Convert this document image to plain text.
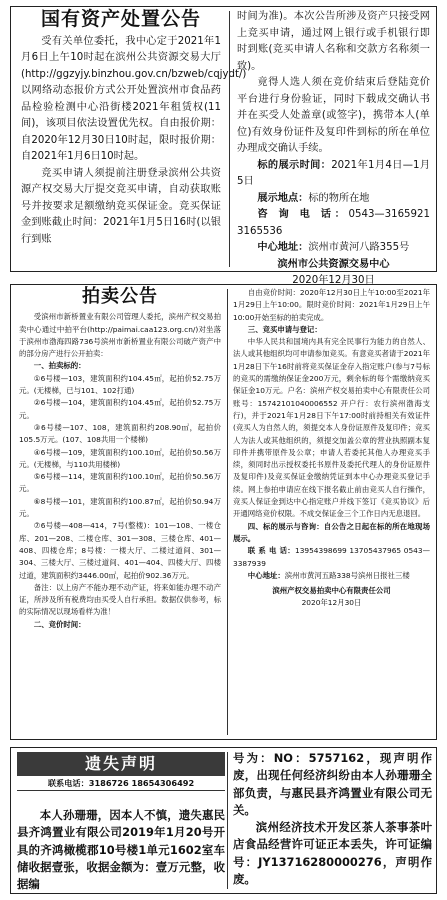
国有资产处置公告

受有关单位委托，我中心定于2021年1月6日上午10时起在滨州公共资源交易大厅(http://ggzyjy.binzhou.gov.cn/bzweb/cqjydt/)以网络动态报价方式公开处置滨州市食品药品检验检测中心沿街楼2021年租赁权(11间)，该项目依法设置优先权。自由报价期：自2020年12月30日10时起，限时报价期：自2021年1月6日10时起。

竞买申请人须提前注册登录滨州公共资源产权交易大厅提交竞买申请，自动获取账号并按要求足额缴纳竞买保证金。竞买保证金到账截止时间：2021年1月5日16时(以银行到账

时间为准)。本次公告所涉及资产只接受网上竞买申请，通过网上银行或手机银行即时到账(竞买申请人名称和交款方名称须一致)。

竟得人选人须在竞价结束后登陆竞价平台进行身份验证，同时下载成交确认书并在买受人处盖章(或签字)，携带本人(单位)有效身份证件及复印件到标的所在单位办理成交确认手续。

标的展示时间：2021年1月4日—1月5日

展示地点：标的物所在地

咨 询 电 话：0543—3165921 3165536

中心地址：滨州市黄河八路355号

滨州市公共资源交易中心

2020年12月30日

拍卖公告

受滨州市新桥置业有限公司管理人委托，滨州产权交易拍卖中心通过中拍平台(http://paimai.caa123.org.cn/)对坐落于滨州市渤海四路736号滨州市新桥置业有限公司破产资产中的部分房产进行公开拍卖：

一、拍卖标的：

①6号楼—103，建筑面积约104.45㎡，起拍价52.75万元。(无楼梯，已与101、102打通)

②6号楼—104，建筑面积约104.45㎡，起拍价52.75万元。

③6号楼—107、108，建筑面积约208.90㎡，起拍价105.5万元。(107、108共用一个楼梯)

④6号楼—109，建筑面积约100.10㎡，起拍价50.56万元。(无楼梯，与110共用楼梯)

⑤6号楼—114，建筑面积约100.10㎡，起拍价50.56万元。

⑥8号楼—101，建筑面积约100.87㎡，起拍价50.94万元。

⑦6号楼—408—414，7号(整楼)：101—108、一楼仓库、201—208、二楼仓库、301—308、三楼仓库、401—408、四楼仓库；8号楼：一楼大厅、二楼过道间、301—304、三楼大厅、三楼过道间、401—404、四楼大厅、四楼过道，建筑面积约3446.00㎡，起拍价902.36万元。

备注：以上房产不能办理不动产证，将来如能办理不动产证，所涉及所有税费均由买受人自行承担。数据仅供参考，标的实际情况以现场看样为准！

二、竞价时间：

自由竞价时间：2020年12月30日上午10:00至2021年1月29日上午10:00。限时竞价时间：2021年1月29日上午10:00开始至标的拍卖完成。

三、竞买申请与登记：

中华人民共和国境内具有完全民事行为能力的自然人、法人或其他组织均可申请参加竞买。有意竞买者请于2021年1月28日下午16时前将竞买保证金存入指定账户(参与7号标的竞买的需缴纳保证金200万元，剩余标的每个需缴纳竞买保证金10万元。户名：滨州产权交易拍卖中心有限责任公司账号：15742101040006552 开户行：农行滨州渤海支行)，并于2021年1月28日下午17:00时前持相关有效证件(竞买人为自然人的，须提交本人身份证原件及复印件；竞买人为法人或其他组织的，须提交加盖公章的营业执照副本复印件并携带原件及公章；申请人若委托其他人办理竞买手续，须同时出示授权委托书原件及委托代理人的身份证原件及复印件)及竞买保证金缴纳凭证到本中心办理竞买登记手续。网上参拍申请应在线下报名截止前由竞买人自行操作，竞买人保证金到达中心指定账户并线下签订《竞买协议》后开通网络竞价权限。不成交保证金三个工作日内无息退回。

四、标的展示与咨询：自公告之日起在标的所在地现场展示。

联 系 电 话：13954398699 13705437965 0543—3387939

中心地址：滨州市黄河五路338号滨州日报社三楼

滨州产权交易拍卖中心有限责任公司

2020年12月30日

遗失声明

联系电话：3186726 18654306492

本人孙珊珊，因本人不慎，遗失惠民县齐鸿置业有限公司2019年1月20号开具的齐鸿橄榄郡10号楼1单元1602室车储收据壹张，收据金额为：壹万元整，收据编

号为：NO：5757162，现声明作废，出现任何经济纠纷由本人孙珊珊全部负责，与惠民县齐鸿置业有限公司无关。

滨州经济技术开发区茶人茶事茶叶店食品经营许可证正本丢失，许可证编号：JY13716280000276，声明作废。
